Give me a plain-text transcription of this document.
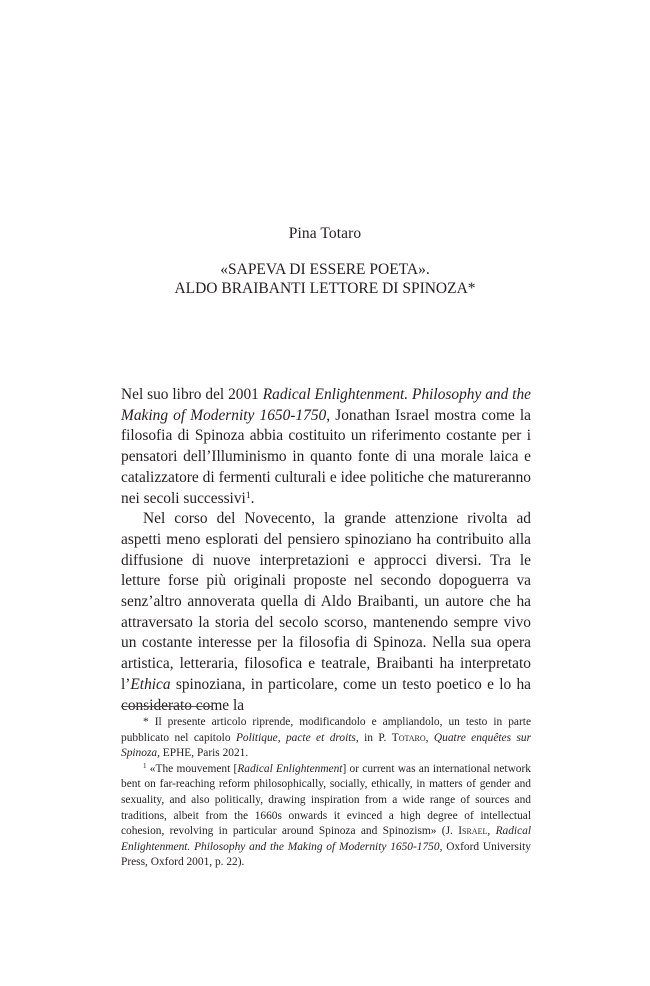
Pina Totaro
«SAPEVA DI ESSERE POETA».
ALDO BRAIBANTI LETTORE DI SPINOZA*

Nel suo libro del 2001 Radical Enlightenment. Philosophy and the Making of Modernity 1650-1750, Jonathan Israel mostra come la filosofia di Spinoza abbia costituito un riferimento costante per i pensatori dell’Illuminismo in quanto fonte di una morale laica e catalizzatore di fermenti culturali e idee politiche che matureranno nei secoli successivi$^1$.

Nel corso del Novecento, la grande attenzione rivolta ad aspetti meno esplorati del pensiero spinoziano ha contribuito alla diffusione di nuove interpretazioni e approcci diversi. Tra le letture forse più originali proposte nel secondo dopoguerra va senz’altro annoverata quella di Aldo Braibanti, un autore che ha attraversato la storia del secolo scorso, mantenendo sempre vivo un costante interesse per la filosofia di Spinoza. Nella sua opera artistica, letteraria, filosofica e teatrale, Braibanti ha interpretato l’Ethica spinoziana, in particolare, come un testo poetico e lo ha considerato come la

* Il presente articolo riprende, modificandolo e ampliandolo, un testo in parte pubblicato nel capitolo Politique, pacte et droits, in P. Totaro, Quatre enquêtes sur Spinoza, EPHE, Paris 2021.

$^1$ «The mouvement [Radical Enlightenment] or current was an international network bent on far-reaching reform philosophically, socially, ethically, in matters of gender and sexuality, and also politically, drawing inspiration from a wide range of sources and traditions, albeit from the 1660s onwards it evinced a high degree of intellectual cohesion, revolving in particular around Spinoza and Spinozism» (J. Israel, Radical Enlightenment. Philosophy and the Making of Modernity 1650-1750, Oxford University Press, Oxford 2001, p. 22).
